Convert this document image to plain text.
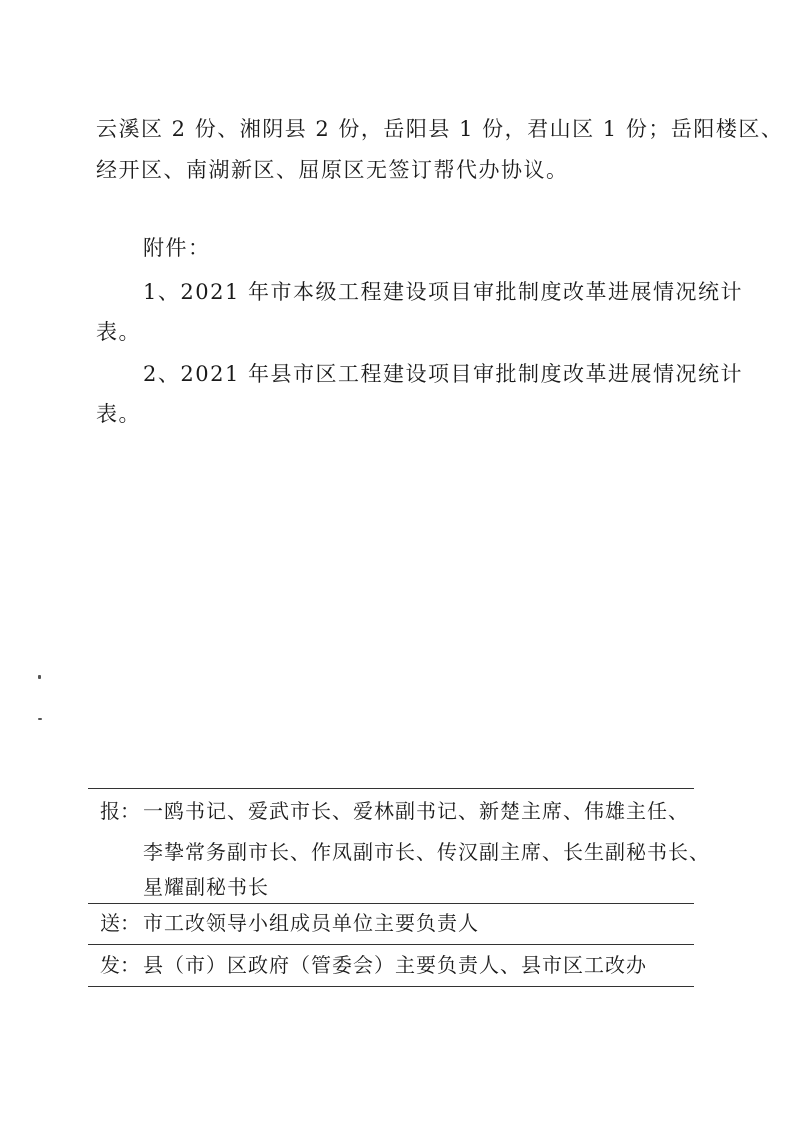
云溪区 2 份、湘阴县 2 份，岳阳县 1 份，君山区 1 份；岳阳楼区、
经开区、南湖新区、屈原区无签订帮代办协议。
附件：
1、2021 年市本级工程建设项目审批制度改革进展情况统计
表。
2、2021 年县市区工程建设项目审批制度改革进展情况统计
表。
报： 一鸥书记、爱武市长、爱林副书记、新楚主席、伟雄主任、
李挚常务副市长、作凤副市长、传汉副主席、长生副秘书长、
星耀副秘书长
送： 市工改领导小组成员单位主要负责人
发： 县（市）区政府（管委会）主要负责人、县市区工改办
